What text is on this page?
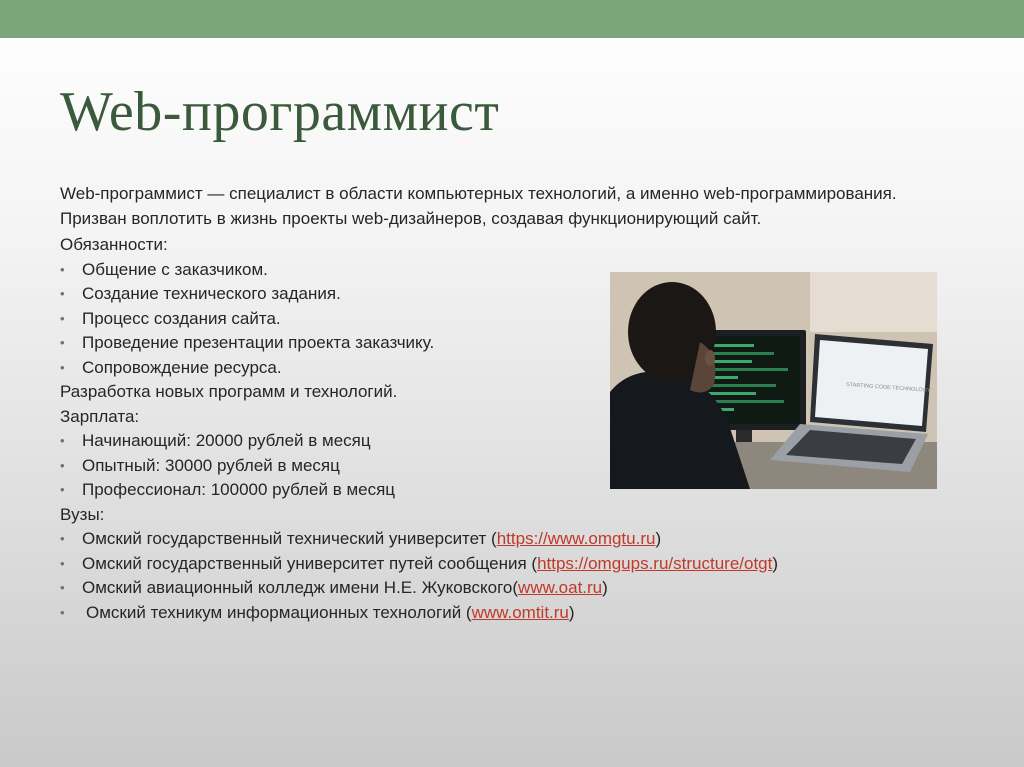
Web-программист

Web-программист — специалист в области компьютерных технологий, а именно web-программирования. Призван воплотить в жизнь проекты web-дизайнеров, создавая функционирующий сайт.

Обязанности:

• Общение с заказчиком.
• Создание технического задания.
• Процесс создания сайта.
• Проведение презентации проекта заказчику.
• Сопровождение ресурса.

Разработка новых программ и технологий.

Зарплата:

• Начинающий: 20000 рублей в месяц
• Опытный: 30000 рублей в месяц
• Профессионал: 100000 рублей в месяц

Вузы:

• Омский государственный технический университет (https://www.omgtu.ru)
• Омский государственный университет путей сообщения (https://omgups.ru/structure/otgt)
• Омский авиационный колледж имени Н.Е. Жуковского(www.oat.ru)
• Омский техникум информационных технологий (www.omtit.ru)
STARTING CODE TECHNOLOGY
